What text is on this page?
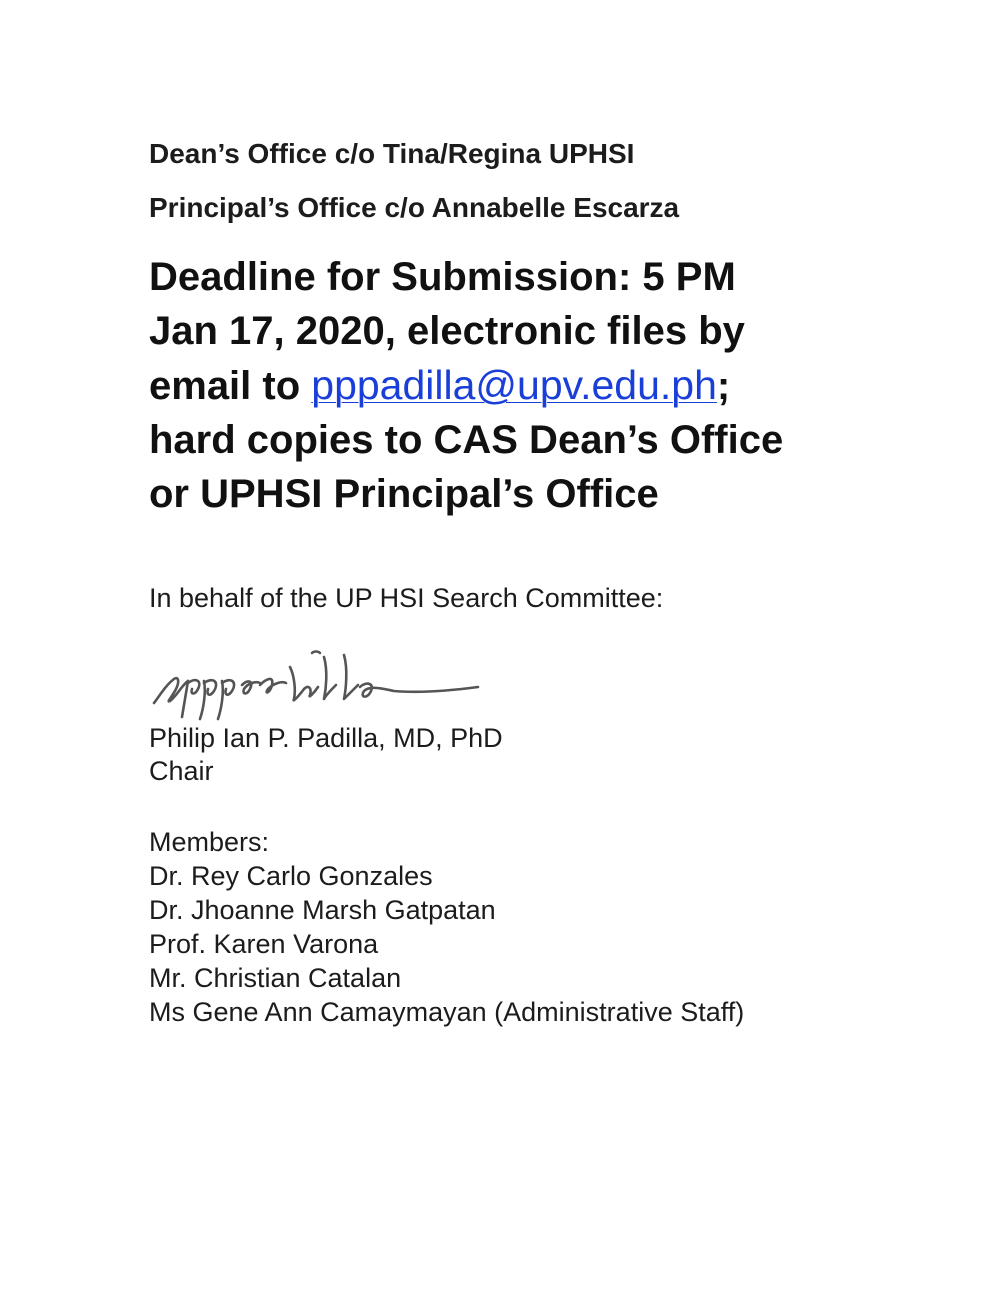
Dean’s Office c/o Tina/Regina UPHSI
Principal’s Office c/o Annabelle Escarza
Deadline for Submission: 5 PM
Jan 17, 2020, electronic files by
email to pppadilla@upv.edu.ph;
hard copies to CAS Dean’s Office
or UPHSI Principal’s Office
In behalf of the UP HSI Search Committee:
Philip Ian P. Padilla, MD, PhD
Chair
Members:
Dr. Rey Carlo Gonzales
Dr. Jhoanne Marsh Gatpatan
Prof. Karen Varona
Mr. Christian Catalan
Ms Gene Ann Camaymayan (Administrative Staff)
